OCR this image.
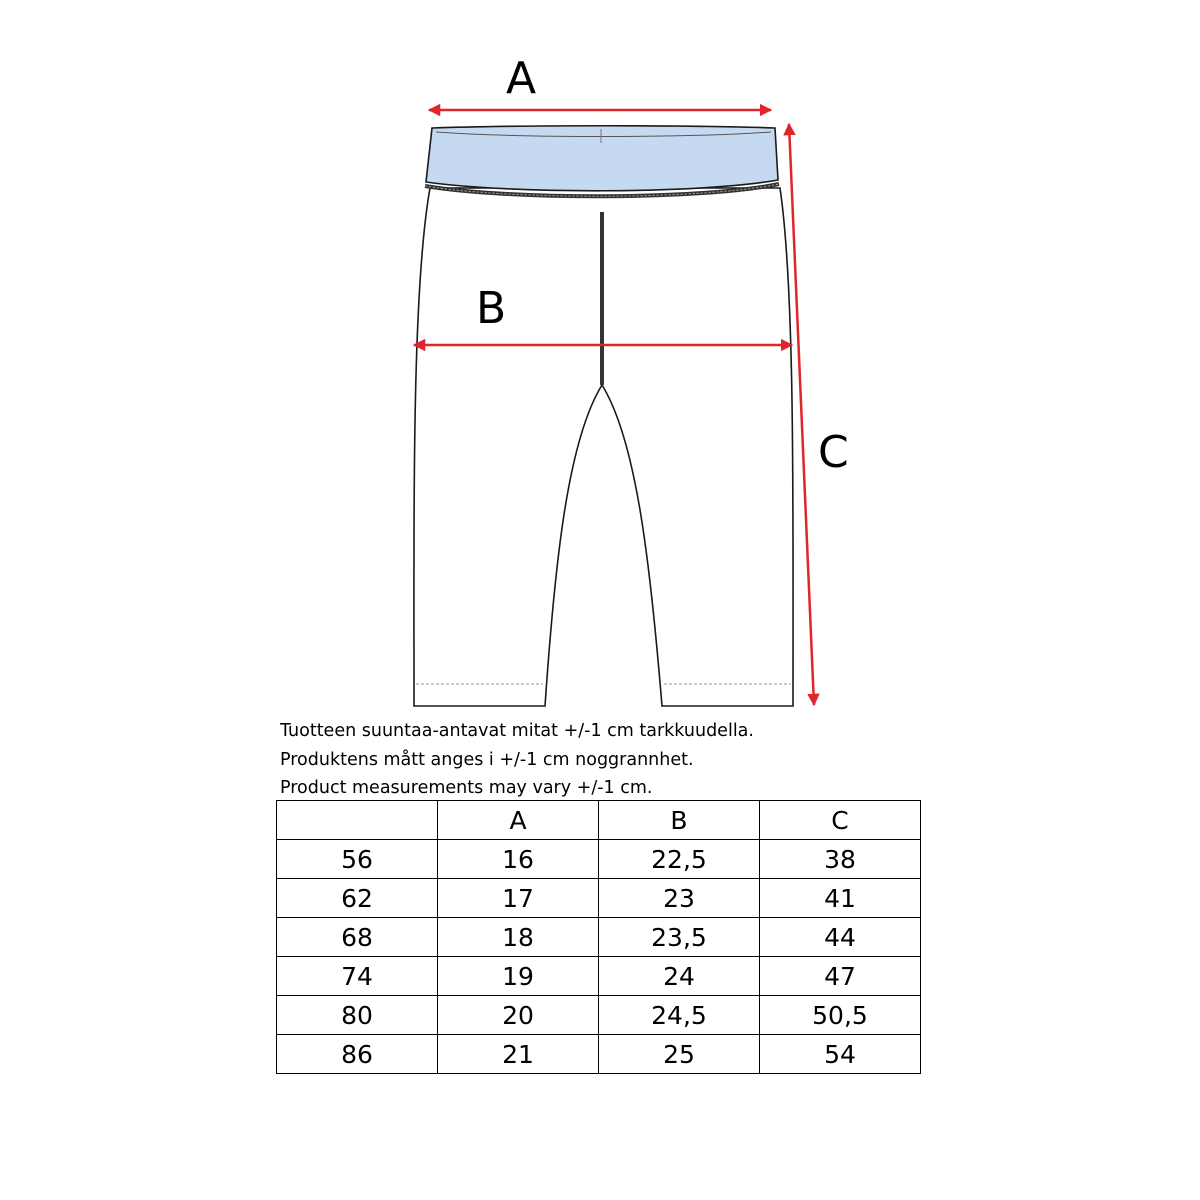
A
B
C
Tuotteen suuntaa-antavat mitat +/-1 cm tarkkuudella.
Produktens mått anges i +/-1 cm noggrannhet.
Product measurements may vary +/-1 cm.
	A	B	C
56	16	22,5	38
62	17	23	41
68	18	23,5	44
74	19	24	47
80	20	24,5	50,5
86	21	25	54
